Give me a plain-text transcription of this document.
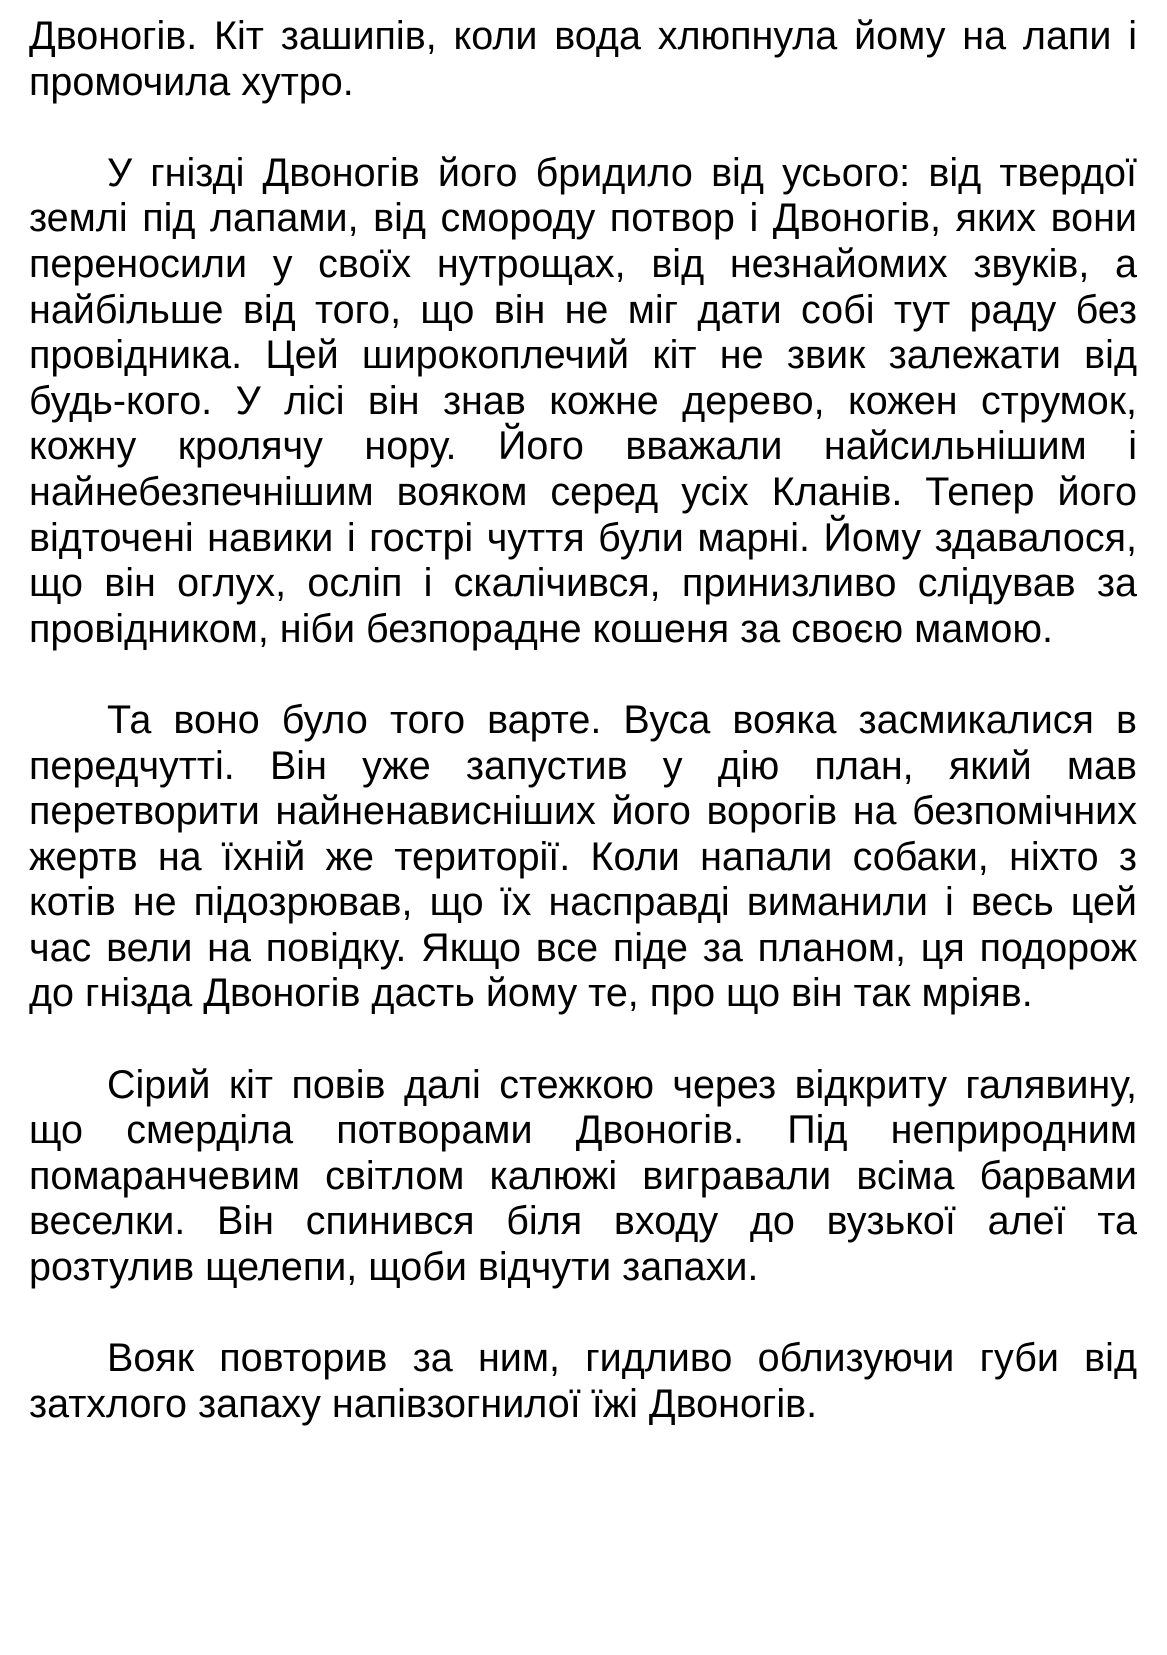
Двоногів. Кіт зашипів, коли вода хлюпнула йому на лапи і промочила хутро.

У гнізді Двоногів його бридило від усього: від твердої землі під лапами, від смороду потвор і Двоногів, яких вони переносили у своїх нутрощах, від незнайомих звуків, а найбільше від того, що він не міг дати собі тут раду без провідника. Цей широкоплечий кіт не звик залежати від будь-кого. У лісі він знав кожне дерево, кожен струмок, кожну кролячу нору. Його вважали найсильнішим і найнебезпечнішим вояком серед усіх Кланів. Тепер його відточені навики і гострі чуття були марні. Йому здавалося, що він оглух, осліп і скалічився, принизливо слідував за провідником, ніби безпорадне кошеня за своєю мамою.

Та воно було того варте. Вуса вояка засмикалися в передчутті. Він уже запустив у дію план, який мав перетворити найненависніших його ворогів на безпомічних жертв на їхній же території. Коли напали собаки, ніхто з котів не підозрював, що їх насправді виманили і весь цей час вели на повідку. Якщо все піде за планом, ця подорож до гнізда Двоногів дасть йому те, про що він так мріяв.

Сірий кіт повів далі стежкою через відкриту галявину, що смерділа потворами Двоногів. Під неприродним помаранчевим світлом калюжі вигравали всіма барвами веселки. Він спинився біля входу до вузької алеї та розтулив щелепи, щоби відчути запахи.

Вояк повторив за ним, гидливо облизуючи губи від затхлого запаху напівзогнилої їжі Двоногів.
